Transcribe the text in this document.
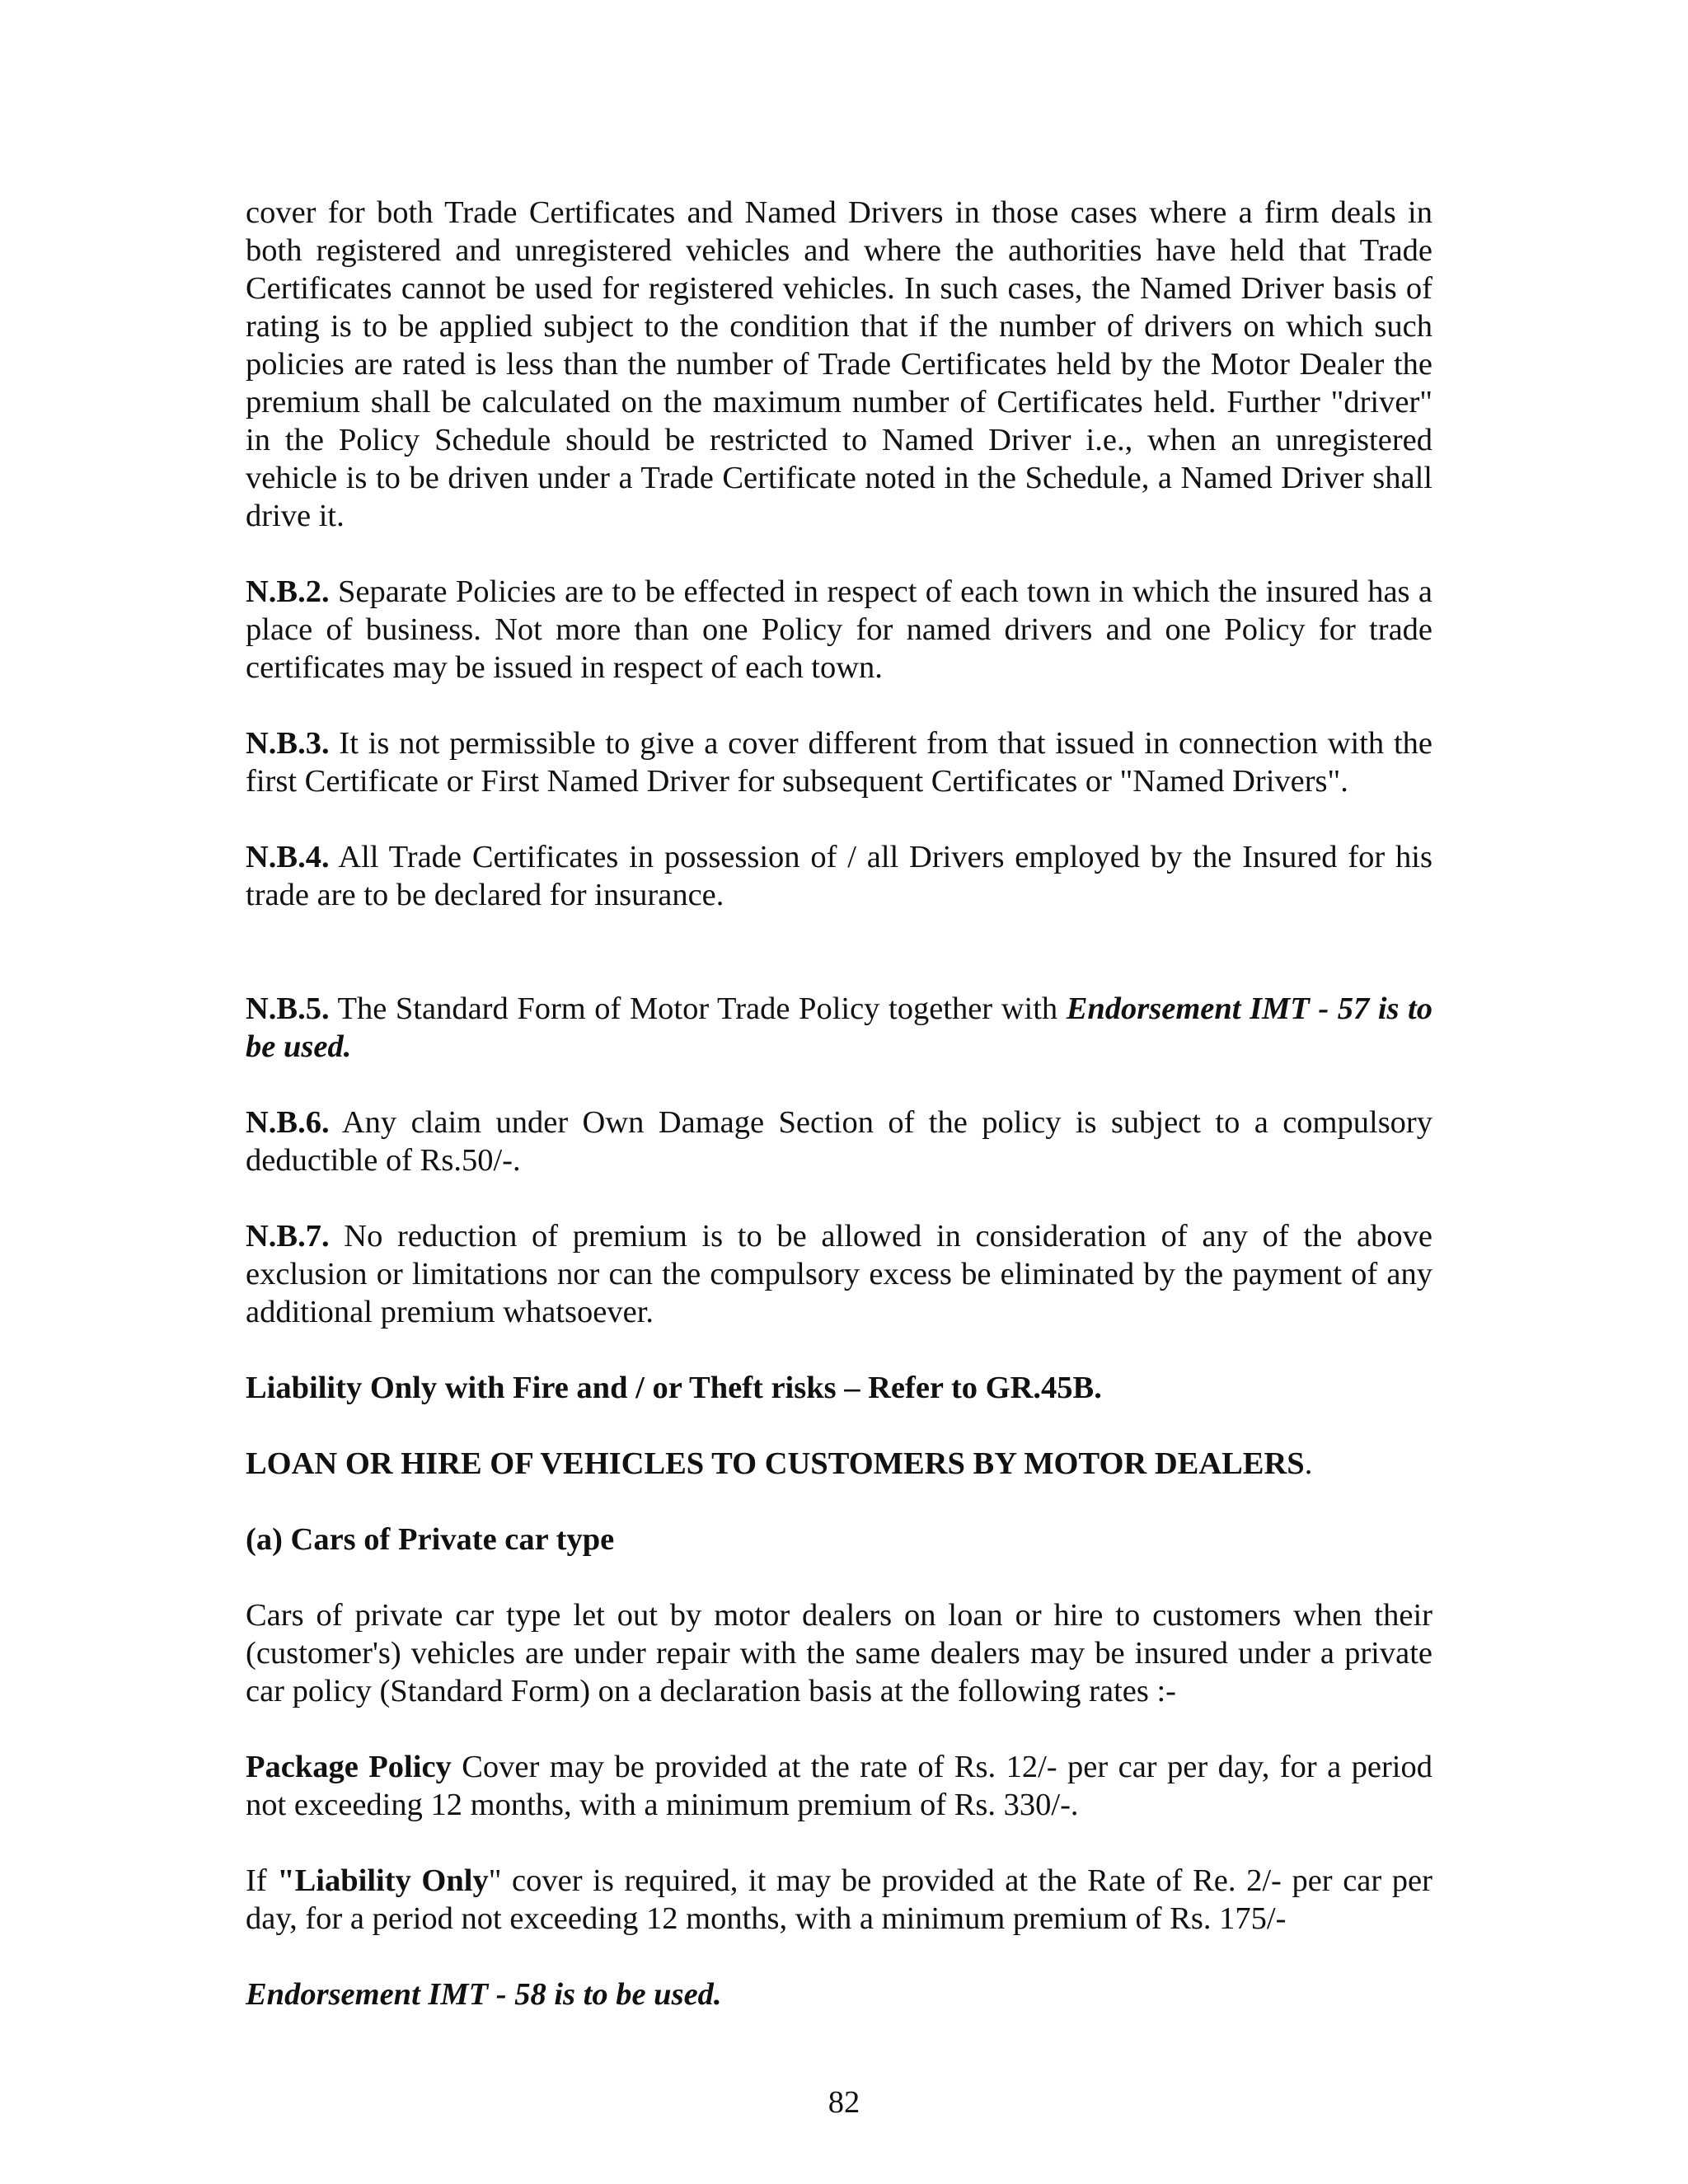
cover for both Trade Certificates and Named Drivers in those cases where a firm deals in both registered and unregistered vehicles and where the authorities have held that Trade Certificates cannot be used for registered vehicles. In such cases, the Named Driver basis of rating is to be applied subject to the condition that if the number of drivers on which such policies are rated is less than the number of Trade Certificates held by the Motor Dealer the premium shall be calculated on the maximum number of Certificates held. Further "driver" in the Policy Schedule should be restricted to Named Driver i.e., when an unregistered vehicle is to be driven under a Trade Certificate noted in the Schedule, a Named Driver shall drive it.

N.B.2. Separate Policies are to be effected in respect of each town in which the insured has a place of business. Not more than one Policy for named drivers and one Policy for trade certificates may be issued in respect of each town.

N.B.3. It is not permissible to give a cover different from that issued in connection with the first Certificate or First Named Driver for subsequent Certificates or "Named Drivers".

N.B.4. All Trade Certificates in possession of / all Drivers employed by the Insured for his trade are to be declared for insurance.

N.B.5. The Standard Form of Motor Trade Policy together with Endorsement IMT - 57 is to be used.

N.B.6. Any claim under Own Damage Section of the policy is subject to a compulsory deductible of Rs.50/-.

N.B.7. No reduction of premium is to be allowed in consideration of any of the above exclusion or limitations nor can the compulsory excess be eliminated by the payment of any additional premium whatsoever.

Liability Only with Fire and / or Theft risks – Refer to GR.45B.

LOAN OR HIRE OF VEHICLES TO CUSTOMERS BY MOTOR DEALERS.

(a) Cars of Private car type

Cars of private car type let out by motor dealers on loan or hire to customers when their (customer's) vehicles are under repair with the same dealers may be insured under a private car policy (Standard Form) on a declaration basis at the following rates :-

Package Policy Cover may be provided at the rate of Rs. 12/- per car per day, for a period not exceeding 12 months, with a minimum premium of Rs. 330/-.

If "Liability Only" cover is required, it may be provided at the Rate of Re. 2/- per car per day, for a period not exceeding 12 months, with a minimum premium of Rs. 175/-

Endorsement IMT - 58 is to be used.

82
